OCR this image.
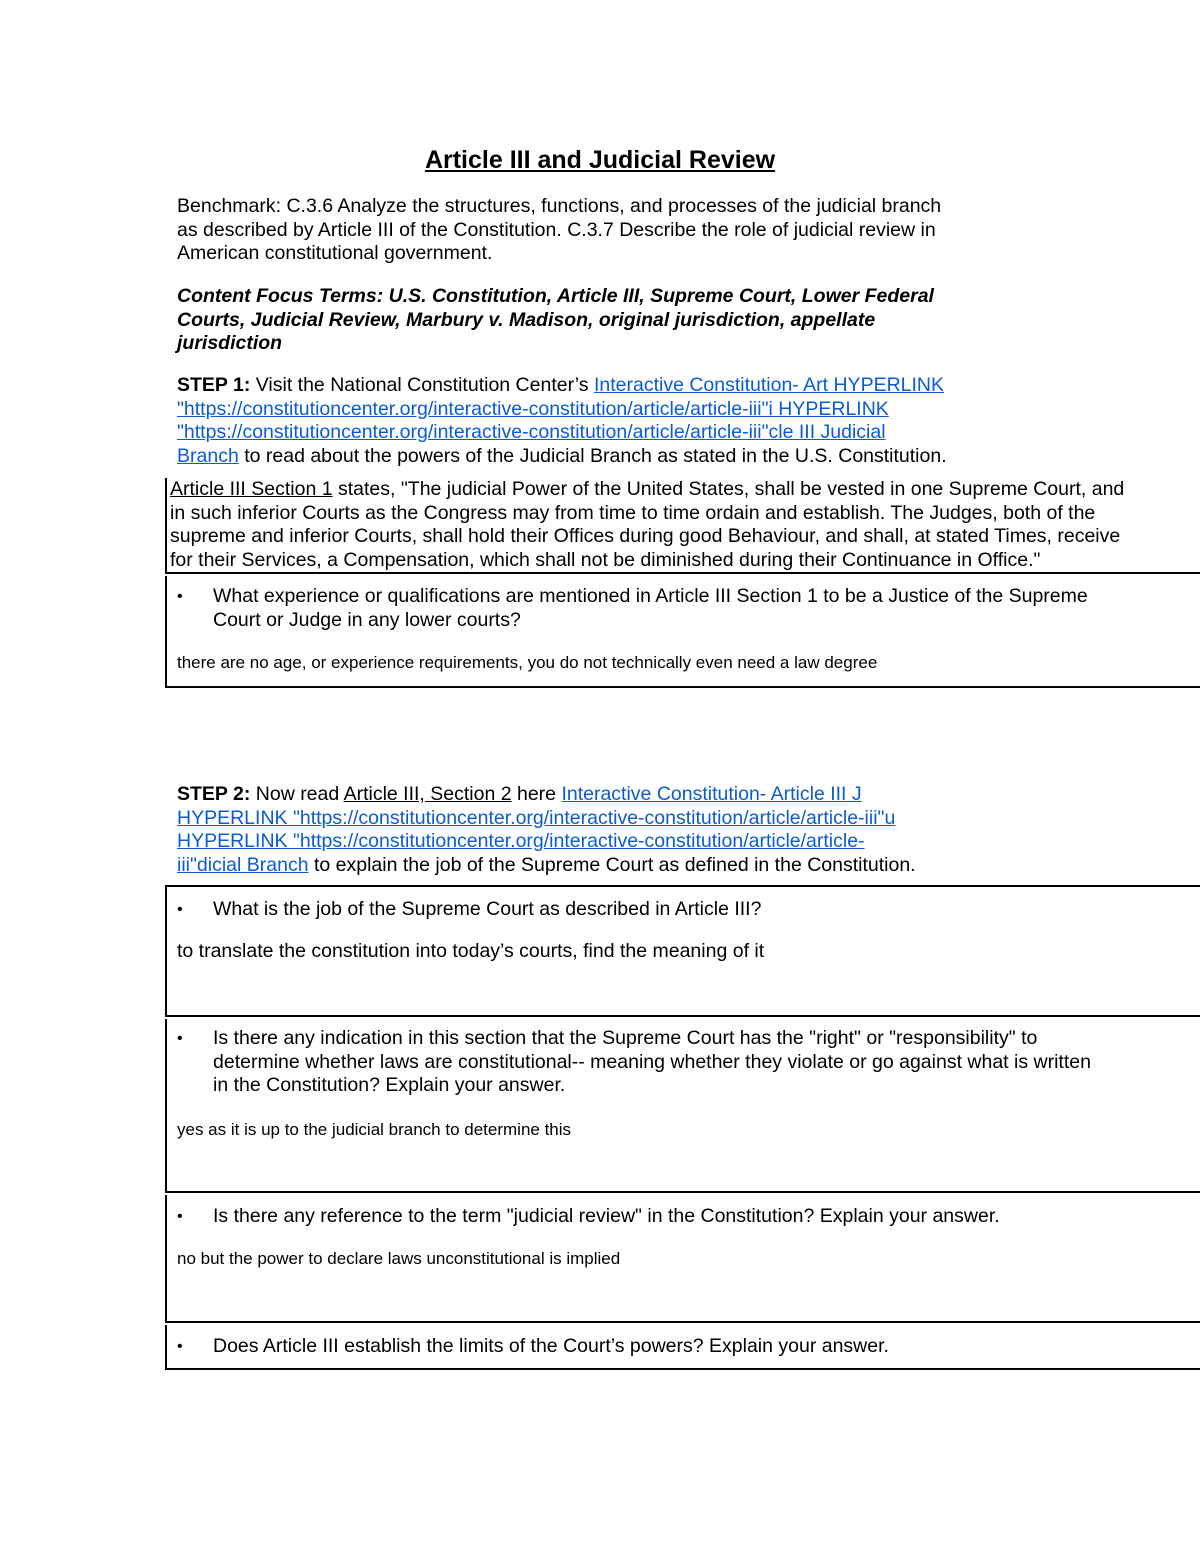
Article III and Judicial Review
Benchmark: C.3.6 Analyze the structures, functions, and processes of the judicial branch
as described by Article III of the Constitution. C.3.7 Describe the role of judicial review in
American constitutional government.
Content Focus Terms: U.S. Constitution, Article III, Supreme Court, Lower Federal
Courts, Judicial Review, Marbury v. Madison, original jurisdiction, appellate
jurisdiction
STEP 1: Visit the National Constitution Center’s Interactive Constitution- Art HYPERLINK
"https://constitutioncenter.org/interactive-constitution/article/article-iii"i HYPERLINK
"https://constitutioncenter.org/interactive-constitution/article/article-iii"cle III Judicial
Branch to read about the powers of the Judicial Branch as stated in the U.S. Constitution.
Article III Section 1 states, "The judicial Power of the United States, shall be vested in one Supreme Court, and
in such inferior Courts as the Congress may from time to time ordain and establish. The Judges, both of the
supreme and inferior Courts, shall hold their Offices during good Behaviour, and shall, at stated Times, receive
for their Services, a Compensation, which shall not be diminished during their Continuance in Office."
• What experience or qualifications are mentioned in Article III Section 1 to be a Justice of the Supreme
Court or Judge in any lower courts?
there are no age, or experience requirements, you do not technically even need a law degree
STEP 2: Now read Article III, Section 2 here Interactive Constitution- Article III J
HYPERLINK "https://constitutioncenter.org/interactive-constitution/article/article-iii"u
HYPERLINK "https://constitutioncenter.org/interactive-constitution/article/article-
iii"dicial Branch to explain the job of the Supreme Court as defined in the Constitution.
•	What is the job of the Supreme Court as described in Article III?
to translate the constitution into today’s courts, find the meaning of it
• Is there any indication in this section that the Supreme Court has the "right" or "responsibility" to
determine whether laws are constitutional-- meaning whether they violate or go against what is written
in the Constitution? Explain your answer.
yes as it is up to the judicial branch to determine this
•	Is there any reference to the term "judicial review" in the Constitution? Explain your answer.
no but the power to declare laws unconstitutional is implied
•	Does Article III establish the limits of the Court’s powers? Explain your answer.
